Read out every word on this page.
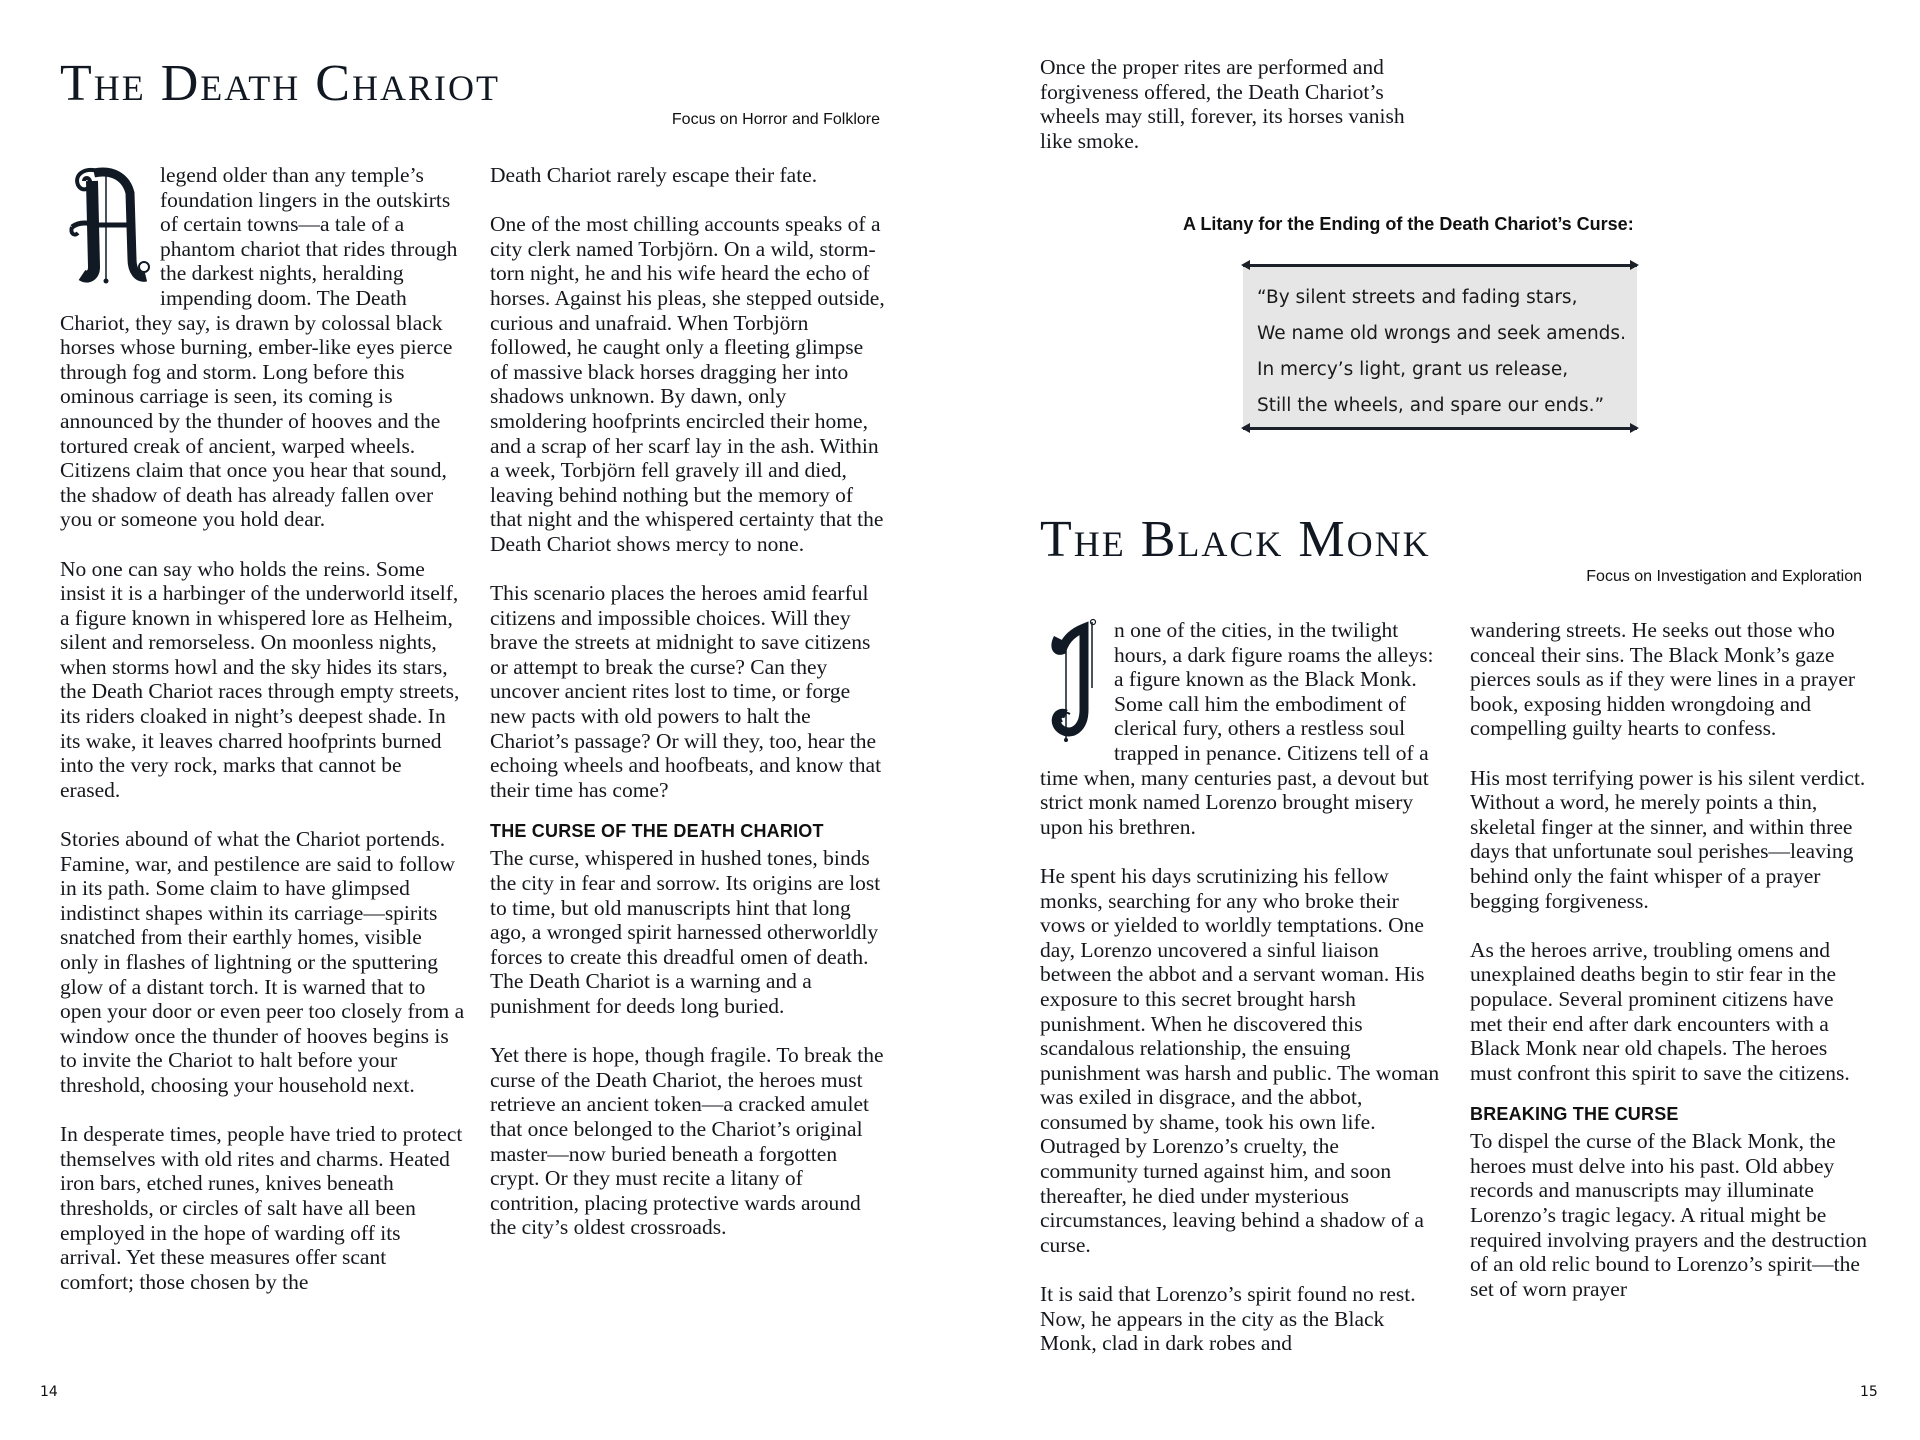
The Death Chariot
Focus on Horror and Folklore

legend older than any temple’s foundation lingers in the outskirts of certain towns—a tale of a phantom chariot that rides through the darkest nights, heralding impending doom. The Death Chariot, they say, is drawn by colossal black horses whose burning, ember-like eyes pierce through fog and storm. Long before this ominous carriage is seen, its coming is announced by the thunder of hooves and the tortured creak of ancient, warped wheels. Citizens claim that once you hear that sound, the shadow of death has already fallen over you or someone you hold dear.

No one can say who holds the reins. Some insist it is a harbinger of the underworld itself, a figure known in whispered lore as Helheim, silent and remorseless. On moonless nights, when storms howl and the sky hides its stars, the Death Chariot races through empty streets, its riders cloaked in night’s deepest shade. In its wake, it leaves charred hoofprints burned into the very rock, marks that cannot be erased.

Stories abound of what the Chariot portends. Famine, war, and pestilence are said to follow in its path. Some claim to have glimpsed indistinct shapes within its carriage—spirits snatched from their earthly homes, visible only in flashes of lightning or the sputtering glow of a distant torch. It is warned that to open your door or even peer too closely from a window once the thunder of hooves begins is to invite the Chariot to halt before your threshold, choosing your household next.

In desperate times, people have tried to protect themselves with old rites and charms. Heated iron bars, etched runes, knives beneath thresholds, or circles of salt have all been employed in the hope of warding off its arrival. Yet these measures offer scant comfort; those chosen by the

Death Chariot rarely escape their fate.

One of the most chilling accounts speaks of a city clerk named Torbjörn. On a wild, storm-torn night, he and his wife heard the echo of horses. Against his pleas, she stepped outside, curious and unafraid. When Torbjörn followed, he caught only a fleeting glimpse of massive black horses dragging her into shadows unknown. By dawn, only smoldering hoofprints encircled their home, and a scrap of her scarf lay in the ash. Within a week, Torbjörn fell gravely ill and died, leaving behind nothing but the memory of that night and the whispered certainty that the Death Chariot shows mercy to none.

This scenario places the heroes amid fearful citizens and impossible choices. Will they brave the streets at midnight to save citizens or attempt to break the curse? Can they uncover ancient rites lost to time, or forge new pacts with old powers to halt the Chariot’s passage? Or will they, too, hear the echoing wheels and hoofbeats, and know that their time has come?

THE CURSE OF THE DEATH CHARIOT

The curse, whispered in hushed tones, binds the city in fear and sorrow. Its origins are lost to time, but old manuscripts hint that long ago, a wronged spirit harnessed otherworldly forces to create this dreadful omen of death. The Death Chariot is a warning and a punishment for deeds long buried.

Yet there is hope, though fragile. To break the curse of the Death Chariot, the heroes must retrieve an ancient token—a cracked amulet that once belonged to the Chariot’s original master—now buried beneath a forgotten crypt. Or they must recite a litany of contrition, placing protective wards around the city’s oldest crossroads.

14

Once the proper rites are performed and forgiveness offered, the Death Chariot’s wheels may still, forever, its horses vanish like smoke.

A Litany for the Ending of the Death Chariot’s Curse:
“By silent streets and fading stars,
We name old wrongs and seek amends.
In mercy’s light, grant us release,
Still the wheels, and spare our ends.”
The Black Monk
Focus on Investigation and Exploration

n one of the cities, in the twilight hours, a dark figure roams the alleys: a figure known as the Black Monk. Some call him the embodiment of clerical fury, others a restless soul trapped in penance. Citizens tell of a time when, many centuries past, a devout but strict monk named Lorenzo brought misery upon his brethren.

He spent his days scrutinizing his fellow monks, searching for any who broke their vows or yielded to worldly temptations. One day, Lorenzo uncovered a sinful liaison between the abbot and a servant woman. His exposure to this secret brought harsh punishment. When he discovered this scandalous relationship, the ensuing punishment was harsh and public. The woman was exiled in disgrace, and the abbot, consumed by shame, took his own life. Outraged by Lorenzo’s cruelty, the community turned against him, and soon thereafter, he died under mysterious circumstances, leaving behind a shadow of a curse.

It is said that Lorenzo’s spirit found no rest. Now, he appears in the city as the Black Monk, clad in dark robes and

wandering streets. He seeks out those who conceal their sins. The Black Monk’s gaze pierces souls as if they were lines in a prayer book, exposing hidden wrongdoing and compelling guilty hearts to confess.

His most terrifying power is his silent verdict. Without a word, he merely points a thin, skeletal finger at the sinner, and within three days that unfortunate soul perishes—leaving behind only the faint whisper of a prayer begging forgiveness.

As the heroes arrive, troubling omens and unexplained deaths begin to stir fear in the populace. Several prominent citizens have met their end after dark encounters with a Black Monk near old chapels. The heroes must confront this spirit to save the citizens.

BREAKING THE CURSE

To dispel the curse of the Black Monk, the heroes must delve into his past. Old abbey records and manuscripts may illuminate Lorenzo’s tragic legacy. A ritual might be required involving prayers and the destruction of an old relic bound to Lorenzo’s spirit—the set of worn prayer

15
